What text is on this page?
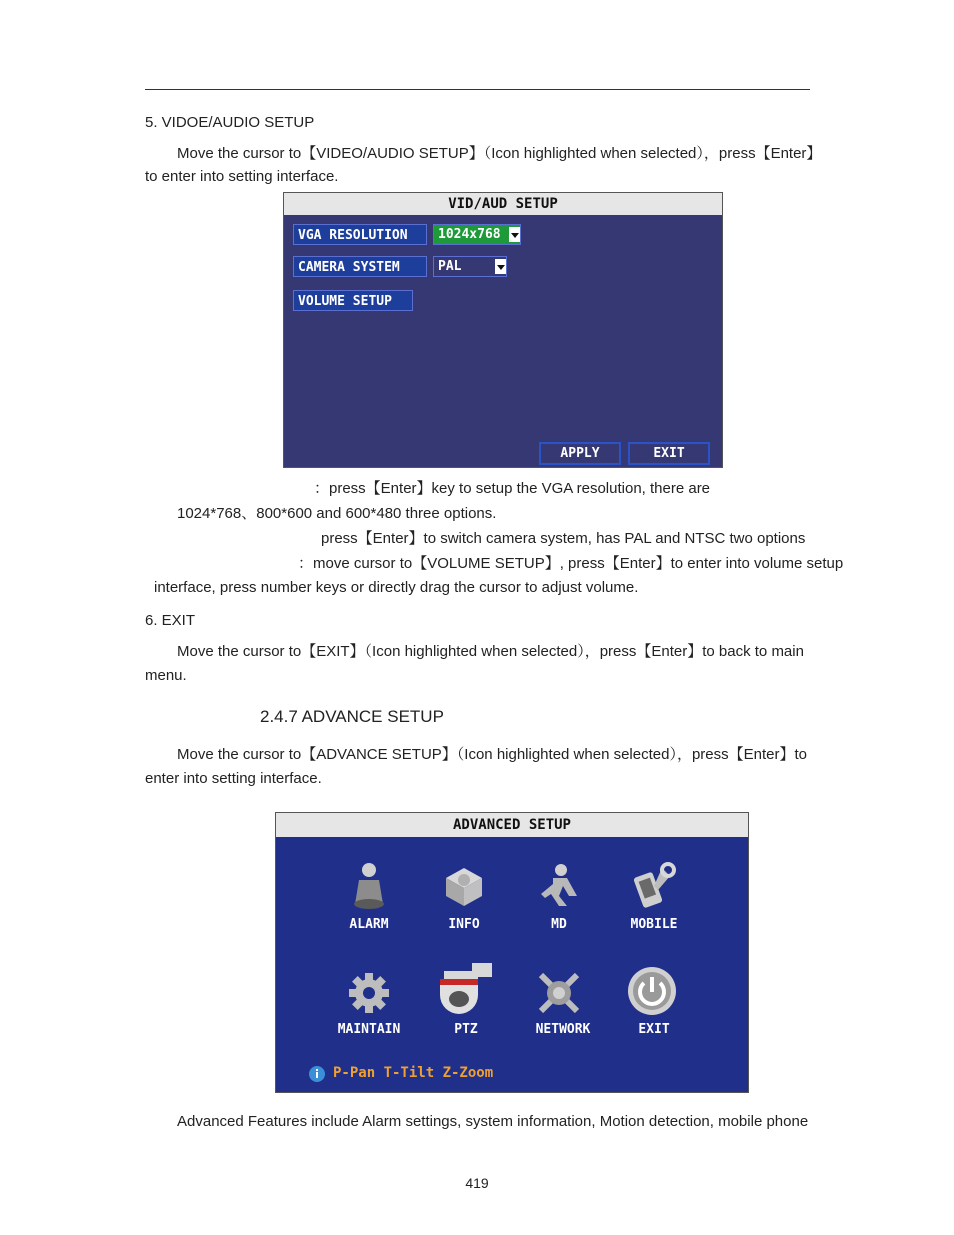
5. VIDOE/AUDIO SETUP
Move the cursor to【VIDEO/AUDIO SETUP】（Icon highlighted when selected），press【Enter】
to enter into setting interface.
VID/AUD SETUP
VGA RESOLUTION	1024x768
CAMERA SYSTEM	PAL
VOLUME SETUP
APPLY	EXIT
：press【Enter】key to setup the VGA resolution, there are
1024*768、800*600 and 600*480 three options.
press【Enter】to switch camera system, has PAL and NTSC two options
：move cursor to【VOLUME SETUP】, press【Enter】to enter into volume setup
interface, press number keys or directly drag the cursor to adjust volume.
6. EXIT
Move the cursor to【EXIT】（Icon highlighted when selected），press【Enter】to back to main
menu.
2.4.7 ADVANCE SETUP
Move the cursor to【ADVANCE SETUP】（Icon highlighted when selected），press【Enter】to
enter into setting interface.
ADVANCED SETUP
ALARM	INFO	MD	MOBILE
MAINTAIN	PTZ	NETWORK	EXIT
P-Pan T-Tilt Z-Zoom
Advanced Features include Alarm settings, system information, Motion detection, mobile phone
419
